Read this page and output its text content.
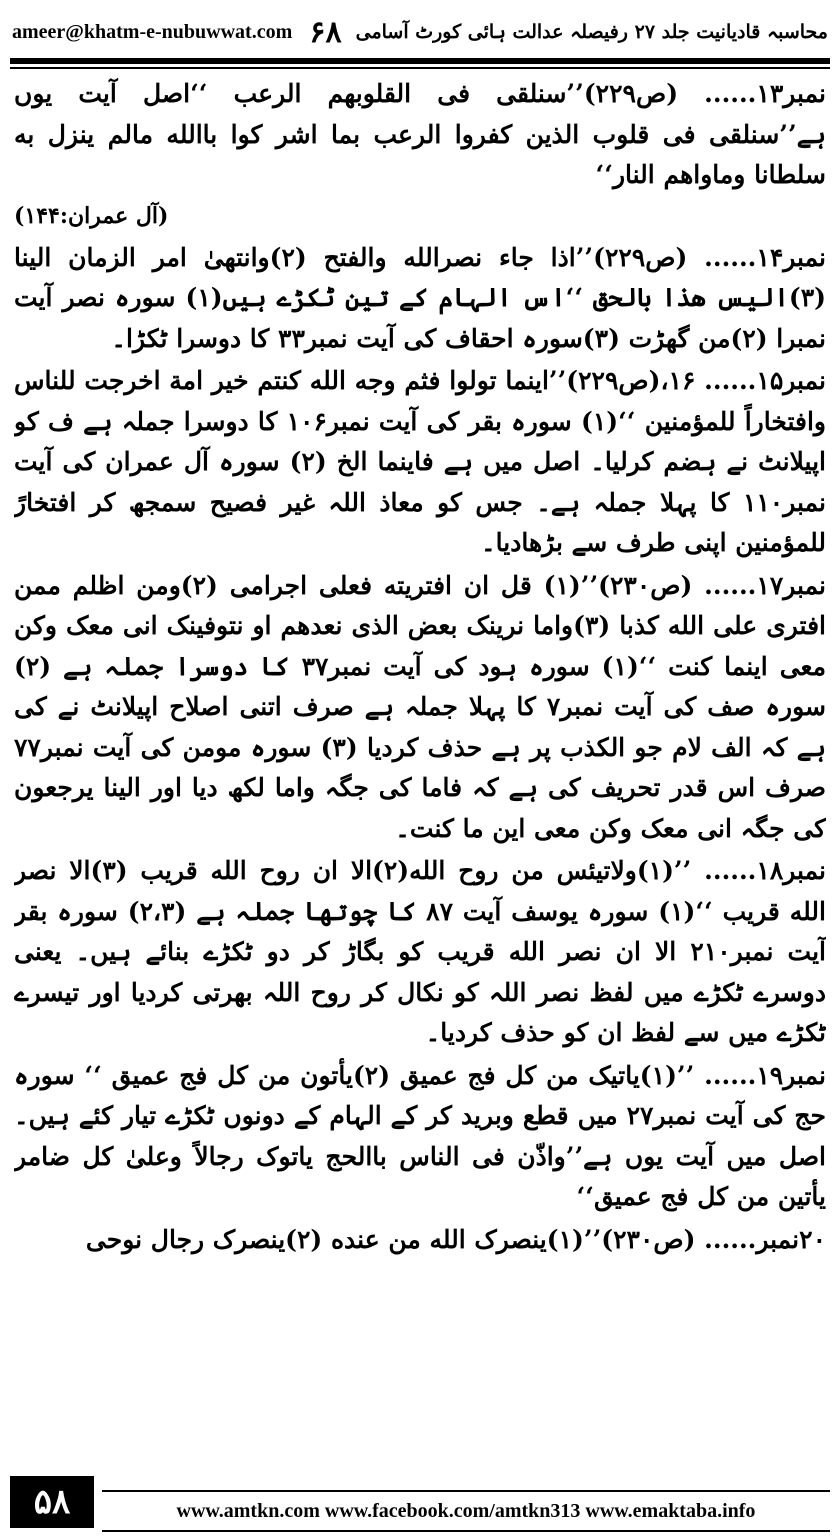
ameer@khatm-e-nubuwwat.com	محاسبہ قادیانیت جلد ۲۷ رفیصلہ عدالت ہائی کورٹ آسامی
۶۸

نمبر۱۳...... (ص۲۲۹)’’سنلقی فی القلوبهم الرعب ‘‘اصل آیت یوں ہے’’سنلقی فی قلوب الذین کفروا الرعب بما اشر کوا باالله مالم ینزل به سلطانا وماواهم النار‘‘

(آل عمران:۱۴۴)

نمبر۱۴...... (ص۲۲۹)’’اذا جاء نصرالله والفتح (۲)وانتهیٰ امر الزمان الینا (۳)الیس هذا بالحق ‘‘اس الہام کے تین ٹکڑے ہیں(۱) سورہ نصر آیت نمبرا (۲)من گھڑت (۳)سورہ احقاف کی آیت نمبر۳۳ کا دوسرا ٹکڑا۔

نمبر۱۵...... ۱۶،(ص۲۲۹)’’اینما تولوا فثم وجه الله كنتم خير امة اخرجت للناس وافتخاراً للمؤمنين ‘‘(۱) سورہ بقر کی آیت نمبر۱۰۶ کا دوسرا جملہ ہے ف کو اپیلانٹ نے ہضم کرلیا۔ اصل میں ہے فاینما الخ (۲) سورہ آل عمران کی آیت نمبر۱۱۰ کا پہلا جملہ ہے۔ جس کو معاذ اللہ غیر فصیح سمجھ کر افتخارً للمؤمنین اپنی طرف سے بڑھادیا۔

نمبر۱۷...... (ص۲۳۰)’’(۱) قل ان افتريته فعلی اجرامی (۲)ومن اظلم ممن افتری علی الله كذبا (۳)واما نرينک بعض الذی نعدهم او نتوفينک انی معک وکن معی اینما کنت ‘‘(۱) سورہ ہود کی آیت نمبر۳۷ کا دوسرا جملہ ہے (۲) سورہ صف کی آیت نمبر۷ کا پہلا جملہ ہے صرف اتنی اصلاح اپیلانٹ نے کی ہے کہ الف لام جو الکذب پر ہے حذف کردیا (۳) سورہ مومن کی آیت نمبر۷۷ صرف اس قدر تحریف کی ہے کہ فاما کی جگہ واما لکھ دیا اور الینا یرجعون کی جگہ انی معک وکن معی این ما کنت۔

نمبر۱۸...... ’’(۱)ولاتیئس من روح الله(۲)الا ان روح الله قریب (۳)الا نصر الله قريب ‘‘(۱) سورہ یوسف آیت ۸۷ کا چوتھا جملہ ہے (۲،۳) سورہ بقر آیت نمبر۲۱۰ الا ان نصر الله قريب کو بگاڑ کر دو ٹکڑے بنائے ہیں۔ یعنی دوسرے ٹکڑے میں لفظ نصر اللہ کو نکال کر روح اللہ بھرتی کردیا اور تیسرے ٹکڑے میں سے لفظ ان کو حذف کردیا۔

نمبر۱۹...... ’’(۱)یاتیک من کل فج عمیق (۲)یأتون من کل فج عمیق ‘‘ سورہ حج کی آیت نمبر۲۷ میں قطع وبرید کر کے الہام کے دونوں ٹکڑے تیار کئے ہیں۔ اصل میں آیت یوں ہے’’واذّن فی الناس باالحج یاتوک رجالاً وعلیٰ کل ضامر یأتین من کل فج عمیق‘‘

۲۰نمبر...... (ص۲۳۰)’’(۱)ینصرک الله من عنده (۲)ینصرک رجال نوحی

۵۸	www.amtkn.com www.facebook.com/amtkn313 www.emaktaba.info
